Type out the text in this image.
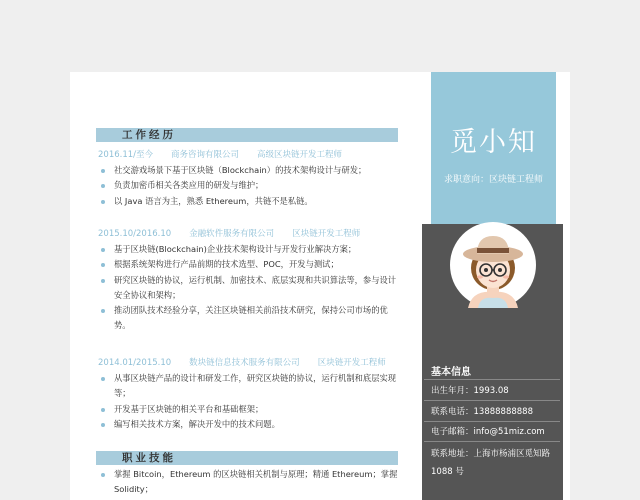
觅小知
求职意向：区块链工程师
基本信息
出生年月：1993.08
联系电话：13888888888
电子邮箱：info@51miz.com
联系地址：上海市杨浦区觅知路 1088 号
工作经历
2016.11/至今 商务咨询有限公司 高级区块链开发工程师
社交游戏场景下基于区块链（Blockchain）的技术架构设计与研发；
负责加密币相关各类应用的研发与维护；
以 Java 语言为主，熟悉 Ethereum，共链不是私链。
2015.10/2016.10 金融软件服务有限公司 区块链开发工程师
基于区块链(Blockchain)企业技术架构设计与开发行业解决方案；
根据系统架构进行产品前期的技术选型、POC，开发与测试；
研究区块链的协议，运行机制、加密技术、底层实现和共识算法等，参与设计安全协议和架构；
推动团队技术经验分享，关注区块链相关前沿技术研究，保持公司市场的优势。
2014.01/2015.10 数块链信息技术服务有限公司 区块链开发工程师
从事区块链产品的设计和研发工作，研究区块链的协议，运行机制和底层实现等；
开发基于区块链的相关平台和基础框架；
编写相关技术方案，解决开发中的技术问题。
职业技能
掌握 Bitcoin，Ethereum 的区块链相关机制与原理；精通 Ethereum；掌握 Solidity；
